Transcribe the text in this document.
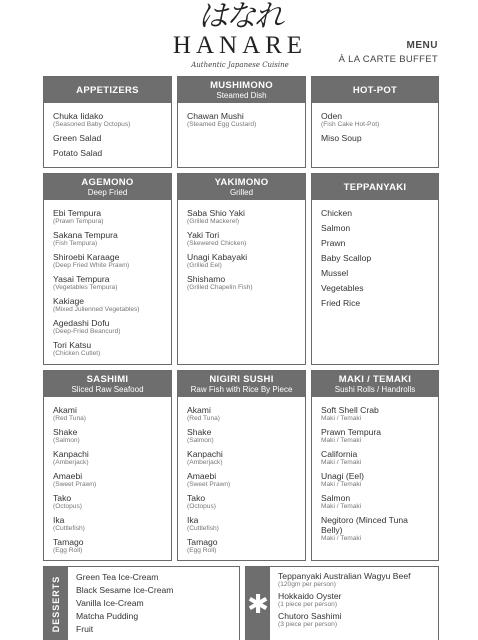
はなれ
HANARE
Authentic Japanese Cuisine
MENU
À LA CARTE BUFFET
APPETIZERS
Chuka Iidako
(Seasoned Baby Octopus)
Green Salad
Potato Salad
MUSHIMONO
Steamed Dish
Chawan Mushi
(Steamed Egg Custard)
HOT-POT
Oden
(Fish Cake Hot-Pot)
Miso Soup
AGEMONO
Deep Fried
Ebi Tempura
(Prawn Tempura)
Sakana Tempura
(Fish Tempura)
Shiroebi Karaage
(Deep Fried White Prawn)
Yasai Tempura
(Vegetables Tempura)
Kakiage
(Mixed Julienned Vegetables)
Agedashi Dofu
(Deep-Fried Beancurd)
Tori Katsu
(Chicken Cutlet)
YAKIMONO
Grilled
Saba Shio Yaki
(Grilled Mackerel)
Yaki Tori
(Skewered Chicken)
Unagi Kabayaki
(Grilled Eel)
Shishamo
(Grilled Chapelin Fish)
TEPPANYAKI
Chicken
Salmon
Prawn
Baby Scallop
Mussel
Vegetables
Fried Rice
SASHIMI
Sliced Raw Seafood
Akami
(Red Tuna)
Shake
(Salmon)
Kanpachi
(Amberjack)
Amaebi
(Sweet Prawn)
Tako
(Octopus)
Ika
(Cuttlefish)
Tamago
(Egg Roll)
NIGIRI SUSHI
Raw Fish with Rice By Piece
Akami
(Red Tuna)
Shake
(Salmon)
Kanpachi
(Amberjack)
Amaebi
(Sweet Prawn)
Tako
(Octopus)
Ika
(Cuttlefish)
Tamago
(Egg Roll)
MAKI / TEMAKI
Sushi Rolls / Handrolls
Soft Shell Crab
Maki / Temaki
Prawn Tempura
Maki / Temaki
California
Maki / Temaki
Unagi (Eel)
Maki / Temaki
Salmon
Maki / Temaki
Negitoro (Minced Tuna Belly)
Maki / Temaki
DESSERTS Green Tea Ice-Cream
Black Sesame Ice-Cream
Vanilla Ice-Cream
Matcha Pudding
Fruit
✱
Teppanyaki Australian Wagyu Beef
(120gm per person)
Hokkaido Oyster
(1 piece per person)
Chutoro Sashimi
(3 piece per person)
